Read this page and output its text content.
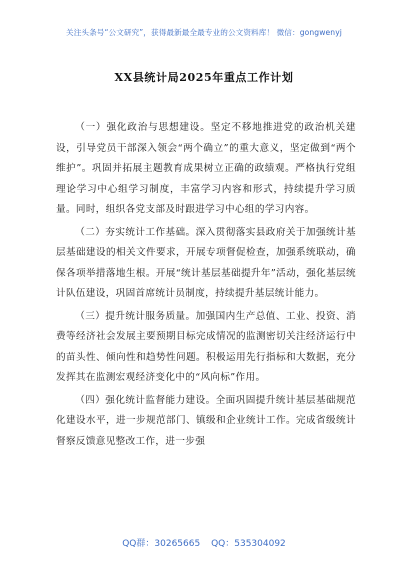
关注头条号“公文研究”，获得最新最全最专业的公文资料库！ 微信：gongwenyj
XX县统计局2025年重点工作计划

（一）强化政治与思想建设。坚定不移地推进党的政治机关建设，引导党员干部深入领会“两个确立”的重大意义，坚定做到“两个维护”。巩固并拓展主题教育成果树立正确的政绩观。严格执行党组理论学习中心组学习制度，丰富学习内容和形式，持续提升学习质量。同时，组织各党支部及时跟进学习中心组的学习内容。

（二）夯实统计工作基础。深入贯彻落实县政府关于加强统计基层基础建设的相关文件要求，开展专项督促检查，加强系统联动，确保各项举措落地生根。开展“统计基层基础提升年”活动，强化基层统计队伍建设，巩固首席统计员制度，持续提升基层统计能力。

（三）提升统计服务质量。加强国内生产总值、工业、投资、消费等经济社会发展主要预期目标完成情况的监测密切关注经济运行中的苗头性、倾向性和趋势性问题。积极运用先行指标和大数据，充分发挥其在监测宏观经济变化中的“风向标”作用。

（四）强化统计监督能力建设。全面巩固提升统计基层基础规范化建设水平，进一步规范部门、镇级和企业统计工作。完成省级统计督察反馈意见整改工作，进一步强

QQ群：30265665 QQ：535304092
